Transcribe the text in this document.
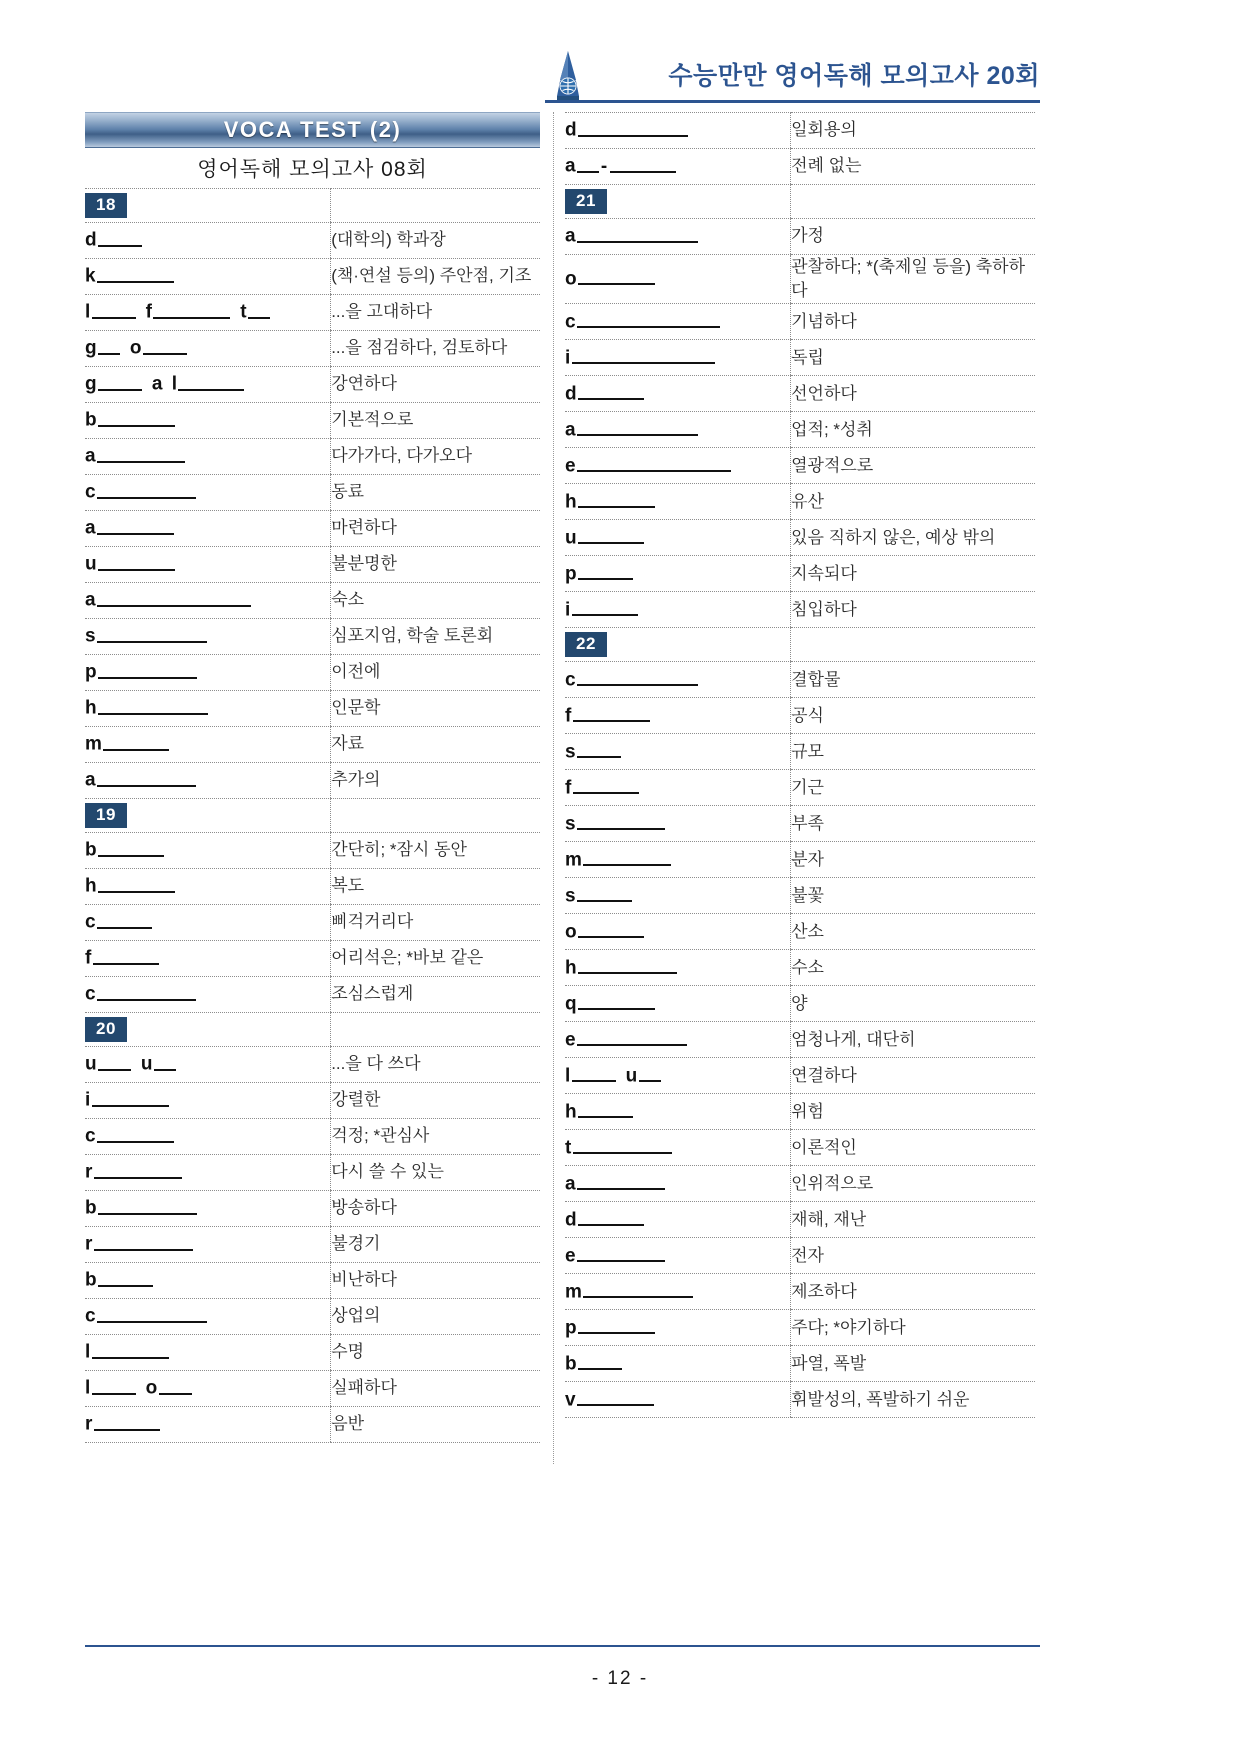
수능만만 영어독해 모의고사 20회
VOCA TEST (2)
영어독해 모의고사 08회
18	
d	(대학의) 학과장
k	(책·연설 등의) 주안점, 기조
l f t	...을 고대하다
g o	...을 점검하다, 검토하다
g a l	강연하다
b	기본적으로
a	다가가다, 다가오다
c	동료
a	마련하다
u	불분명한
a	숙소
s	심포지엄, 학술 토론회
p	이전에
h	인문학
m	자료
a	추가의
19	
b	간단히; *잠시 동안
h	복도
c	삐걱거리다
f	어리석은; *바보 같은
c	조심스럽게
20	
u u	...을 다 쓰다
i	강렬한
c	걱정; *관심사
r	다시 쓸 수 있는
b	방송하다
r	불경기
b	비난하다
c	상업의
l	수명
l o	실패하다
r	음반
d	일회용의
a -	전례 없는
21	
a	가정
o	관찰하다; *(축제일 등을) 축하하다
c	기념하다
i	독립
d	선언하다
a	업적; *성취
e	열광적으로
h	유산
u	있음 직하지 않은, 예상 밖의
p	지속되다
i	침입하다
22	
c	결합물
f	공식
s	규모
f	기근
s	부족
m	분자
s	불꽃
o	산소
h	수소
q	양
e	엄청나게, 대단히
l u	연결하다
h	위험
t	이론적인
a	인위적으로
d	재해, 재난
e	전자
m	제조하다
p	주다; *야기하다
b	파열, 폭발
v	휘발성의, 폭발하기 쉬운
- 12 -
